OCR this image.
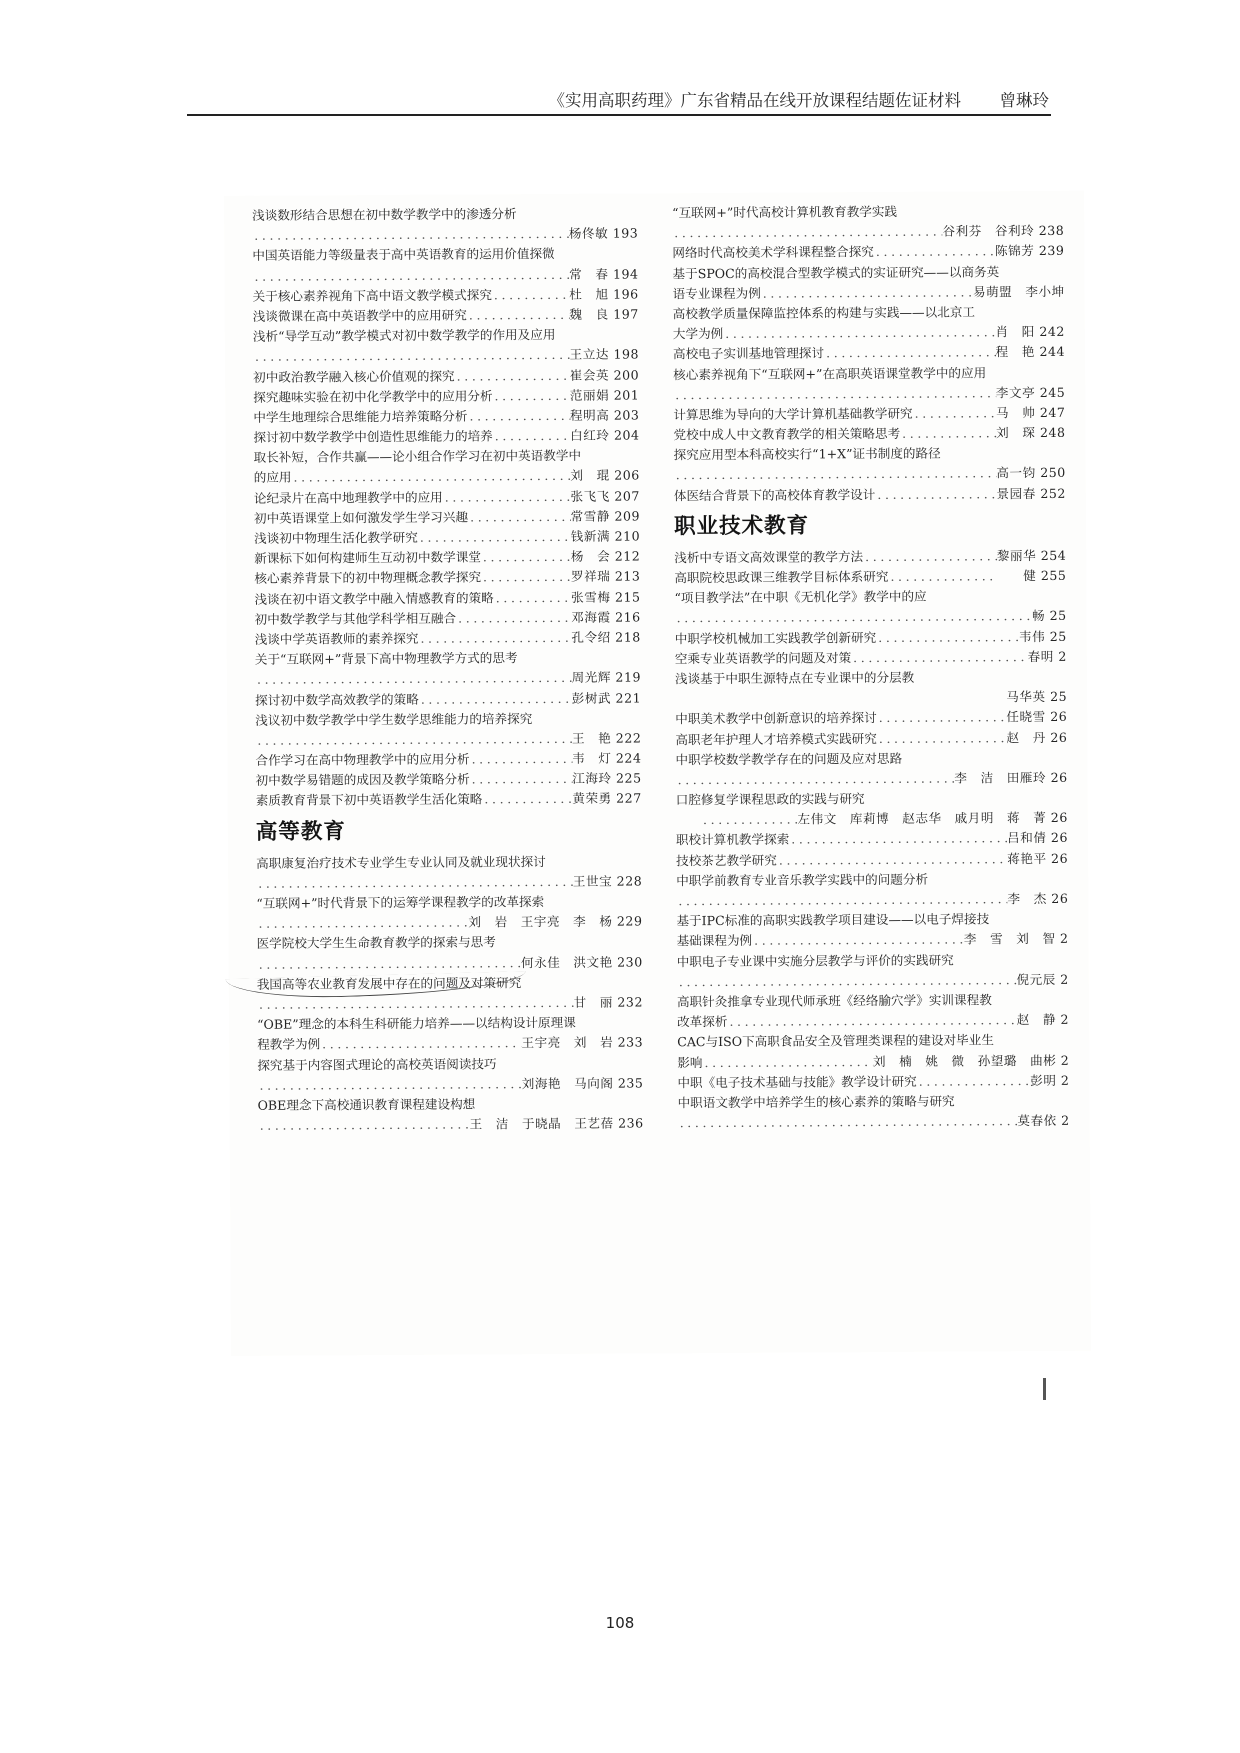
《实用高职药理》广东省精品在线开放课程结题佐证材料 曾琳玲
浅谈数形结合思想在初中数学教学中的渗透分析
.....
杨佟敏 193
中国英语能力等级量表于高中英语教育的运用价值探微
.....
常　春 194
关于核心素养视角下高中语文教学模式探究 .....	杜　旭 196
浅谈微课在高中英语教学中的应用研究 .....	魏　良 197
浅析“导学互动”教学模式对初中数学教学的作用及应用
.....
王立达 198
初中政治教学融入核心价值观的探究 .....	崔会英 200
探究趣味实验在初中化学教学中的应用分析 .....	范丽娟 201
中学生地理综合思维能力培养策略分析 .....	程明高 203
探讨初中数学教学中创造性思维能力的培养 .....	白红玲 204
取长补短，合作共赢——论小组合作学习在初中英语教学中
的应用 .....	刘　琨 206
论纪录片在高中地理教学中的应用 .....	张飞飞 207
初中英语课堂上如何激发学生学习兴趣 .....	常雪静 209
浅谈初中物理生活化教学研究 .....	钱新满 210
新课标下如何构建师生互动初中数学课堂 .....	杨　会 212
核心素养背景下的初中物理概念教学探究 .....	罗祥瑞 213
浅谈在初中语文教学中融入情感教育的策略 .....	张雪梅 215
初中数学教学与其他学科学相互融合 .....	邓海霞 216
浅谈中学英语教师的素养探究 .....	孔令绍 218
关于“互联网+”背景下高中物理教学方式的思考
.....
周光辉 219
探讨初中数学高效教学的策略 .....	彭树武 221
浅议初中数学教学中学生数学思维能力的培养探究
.....
王　艳 222
合作学习在高中物理教学中的应用分析 .....	韦　灯 224
初中数学易错题的成因及教学策略分析 .....	江海玲 225
素质教育背景下初中英语教学生活化策略 .....	黄荣勇 227
高等教育
高职康复治疗技术专业学生专业认同及就业现状探讨
.....
王世宝 228
“互联网+”时代背景下的运筹学课程教学的改革探索
.....
刘　岩　王宇亮　李　杨 229
医学院校大学生生命教育教学的探索与思考
.....
何永佳　洪文艳 230
我国高等农业教育发展中存在的问题及对策研究
.....
甘　丽 232
“OBE”理念的本科生科研能力培养——以结构设计原理课
程教学为例 .....	王宇亮　刘　岩 233
探究基于内容图式理论的高校英语阅读技巧
.....
刘海艳　马向阁 235
OBE理念下高校通识教育课程建设构想
.....
王　洁　于晓晶　王艺蓓 236
“互联网+”时代高校计算机教育教学实践
.....
谷利芬　谷利玲 238
网络时代高校美术学科课程整合探究 .....	陈锦芳 239
基于SPOC的高校混合型教学模式的实证研究——以商务英
语专业课程为例 .....	易萌盟　李小坤
高校教学质量保障监控体系的构建与实践——以北京工
大学为例 .....	肖　阳 242
高校电子实训基地管理探讨 .....	程　艳 244
核心素养视角下“互联网+”在高职英语课堂教学中的应用
.....
李文亭 245
计算思维为导向的大学计算机基础教学研究 .....	马　帅 247
党校中成人中文教育教学的相关策略思考 .....	刘　琛 248
探究应用型本科高校实行“1+X”证书制度的路径
.....
高一钧 250
体医结合背景下的高校体育教学设计 .....	景园春 252
职业技术教育
浅析中专语文高效课堂的教学方法 .....	黎丽华 254
高职院校思政课三维教学目标体系研究 .....	　　健 255
“项目教学法”在中职《无机化学》教学中的应
.....
畅 25
中职学校机械加工实践教学创新研究 .....	韦伟 25
空乘专业英语教学的问题及对策 .....	春明 2
浅谈基于中职生源特点在专业课中的分层教
马华英 25
中职美术教学中创新意识的培养探讨 .....	任晓雪 26
高职老年护理人才培养模式实践研究 .....	赵　丹 26
中职学校数学教学存在的问题及应对思路
.....
李　洁　田雁玲 26
口腔修复学课程思政的实践与研究

.....
左伟文　库莉博　赵志华　戚月明　蒋　菁 26
职校计算机教学探索 .....	吕和倩 26
技校茶艺教学研究 .....	蒋艳平 26
中职学前教育专业音乐教学实践中的问题分析
.....
李　杰 26
基于IPC标准的高职实践教学项目建设——以电子焊接技
基础课程为例 .....	李　雪　刘　智 2
中职电子专业课中实施分层教学与评价的实践研究
.....
倪元辰 2
高职针灸推拿专业现代师承班《经络腧穴学》实训课程教
改革探析 .....	赵　静 2
CAC与ISO下高职食品安全及管理类课程的建设对毕业生
影响 .....	刘　楠　姚　微　孙望璐　曲彬 2
中职《电子技术基础与技能》教学设计研究 .....	彭明 2
中职语文教学中培养学生的核心素养的策略与研究
.....
莫春依 2
108
